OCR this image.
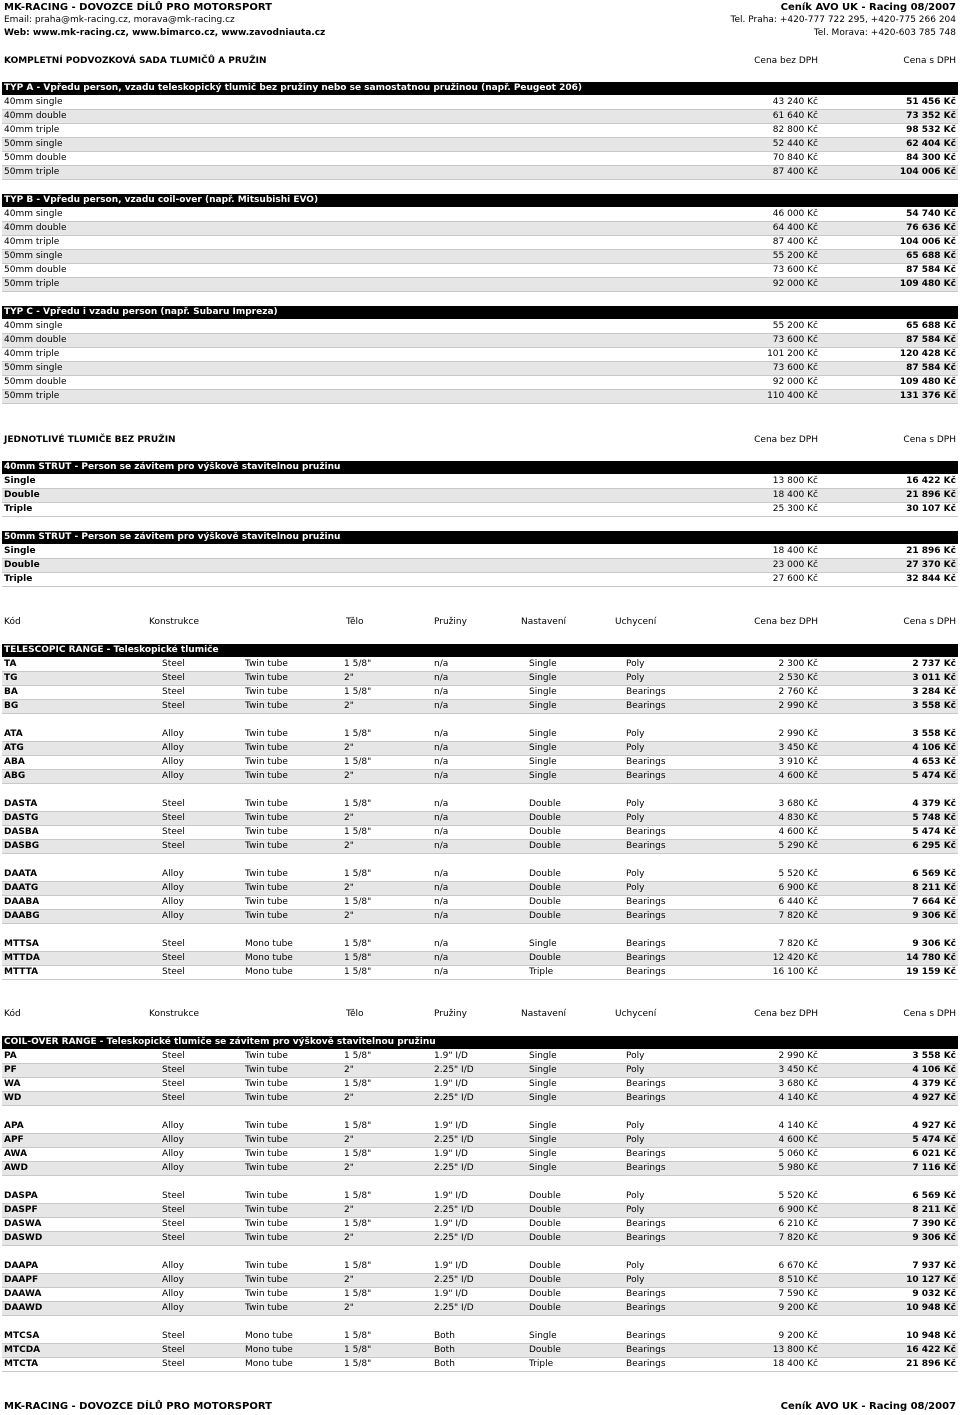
MK-RACING - DOVOZCE DÍLŮ PRO MOTORSPORT
Email: praha@mk-racing.cz, morava@mk-racing.cz
Web: www.mk-racing.cz, www.bimarco.cz, www.zavodniauta.cz
Ceník AVO UK - Racing 08/2007
Tel. Praha: +420-777 722 295, +420-775 266 204
Tel. Morava: +420-603 785 748
KOMPLETNÍ PODVOZKOVÁ SADA TLUMIČŮ A PRUŽIN	Cena bez DPH	Cena s DPH
TYP A - Vpředu person, vzadu teleskopický tlumič bez pružiny nebo se samostatnou pružinou (např. Peugeot 206)
40mm single	43 240 Kč	51 456 Kč
40mm double	61 640 Kč	73 352 Kč
40mm triple	82 800 Kč	98 532 Kč
50mm single	52 440 Kč	62 404 Kč
50mm double	70 840 Kč	84 300 Kč
50mm triple	87 400 Kč	104 006 Kč
TYP B - Vpředu person, vzadu coil-over (např. Mitsubishi EVO)
40mm single	46 000 Kč	54 740 Kč
40mm double	64 400 Kč	76 636 Kč
40mm triple	87 400 Kč	104 006 Kč
50mm single	55 200 Kč	65 688 Kč
50mm double	73 600 Kč	87 584 Kč
50mm triple	92 000 Kč	109 480 Kč
TYP C - Vpředu i vzadu person (např. Subaru Impreza)
40mm single	55 200 Kč	65 688 Kč
40mm double	73 600 Kč	87 584 Kč
40mm triple	101 200 Kč	120 428 Kč
50mm single	73 600 Kč	87 584 Kč
50mm double	92 000 Kč	109 480 Kč
50mm triple	110 400 Kč	131 376 Kč
JEDNOTLIVÉ TLUMIČE BEZ PRUŽIN	Cena bez DPH	Cena s DPH
40mm STRUT - Person se závitem pro výškově stavitelnou pružinu
Single	13 800 Kč	16 422 Kč
Double	18 400 Kč	21 896 Kč
Triple	25 300 Kč	30 107 Kč
50mm STRUT - Person se závitem pro výškově stavitelnou pružinu
Single	18 400 Kč	21 896 Kč
Double	23 000 Kč	27 370 Kč
Triple	27 600 Kč	32 844 Kč
Kód	Konstrukce	Tělo	Pružiny	Nastavení	Uchycení	Cena bez DPH	Cena s DPH
TELESCOPIC RANGE - Teleskopické tlumiče
TA	Steel	Twin tube	1 5/8"	n/a	Single	Poly	2 300 Kč	2 737 Kč
TG	Steel	Twin tube	2"	n/a	Single	Poly	2 530 Kč	3 011 Kč
BA	Steel	Twin tube	1 5/8"	n/a	Single	Bearings	2 760 Kč	3 284 Kč
BG	Steel	Twin tube	2"	n/a	Single	Bearings	2 990 Kč	3 558 Kč
ATA	Alloy	Twin tube	1 5/8"	n/a	Single	Poly	2 990 Kč	3 558 Kč
ATG	Alloy	Twin tube	2"	n/a	Single	Poly	3 450 Kč	4 106 Kč
ABA	Alloy	Twin tube	1 5/8"	n/a	Single	Bearings	3 910 Kč	4 653 Kč
ABG	Alloy	Twin tube	2"	n/a	Single	Bearings	4 600 Kč	5 474 Kč
DASTA	Steel	Twin tube	1 5/8"	n/a	Double	Poly	3 680 Kč	4 379 Kč
DASTG	Steel	Twin tube	2"	n/a	Double	Poly	4 830 Kč	5 748 Kč
DASBA	Steel	Twin tube	1 5/8"	n/a	Double	Bearings	4 600 Kč	5 474 Kč
DASBG	Steel	Twin tube	2"	n/a	Double	Bearings	5 290 Kč	6 295 Kč
DAATA	Alloy	Twin tube	1 5/8"	n/a	Double	Poly	5 520 Kč	6 569 Kč
DAATG	Alloy	Twin tube	2"	n/a	Double	Poly	6 900 Kč	8 211 Kč
DAABA	Alloy	Twin tube	1 5/8"	n/a	Double	Bearings	6 440 Kč	7 664 Kč
DAABG	Alloy	Twin tube	2"	n/a	Double	Bearings	7 820 Kč	9 306 Kč
MTTSA	Steel	Mono tube	1 5/8"	n/a	Single	Bearings	7 820 Kč	9 306 Kč
MTTDA	Steel	Mono tube	1 5/8"	n/a	Double	Bearings	12 420 Kč	14 780 Kč
MTTTA	Steel	Mono tube	1 5/8"	n/a	Triple	Bearings	16 100 Kč	19 159 Kč
Kód	Konstrukce	Tělo	Pružiny	Nastavení	Uchycení	Cena bez DPH	Cena s DPH
COIL-OVER RANGE - Teleskopické tlumiče se závitem pro výškově stavitelnou pružinu
PA	Steel	Twin tube	1 5/8"	1.9" I/D	Single	Poly	2 990 Kč	3 558 Kč
PF	Steel	Twin tube	2"	2.25" I/D	Single	Poly	3 450 Kč	4 106 Kč
WA	Steel	Twin tube	1 5/8"	1.9" I/D	Single	Bearings	3 680 Kč	4 379 Kč
WD	Steel	Twin tube	2"	2.25" I/D	Single	Bearings	4 140 Kč	4 927 Kč
APA	Alloy	Twin tube	1 5/8"	1.9" I/D	Single	Poly	4 140 Kč	4 927 Kč
APF	Alloy	Twin tube	2"	2.25" I/D	Single	Poly	4 600 Kč	5 474 Kč
AWA	Alloy	Twin tube	1 5/8"	1.9" I/D	Single	Bearings	5 060 Kč	6 021 Kč
AWD	Alloy	Twin tube	2"	2.25" I/D	Single	Bearings	5 980 Kč	7 116 Kč
DASPA	Steel	Twin tube	1 5/8"	1.9" I/D	Double	Poly	5 520 Kč	6 569 Kč
DASPF	Steel	Twin tube	2"	2.25" I/D	Double	Poly	6 900 Kč	8 211 Kč
DASWA	Steel	Twin tube	1 5/8"	1.9" I/D	Double	Bearings	6 210 Kč	7 390 Kč
DASWD	Steel	Twin tube	2"	2.25" I/D	Double	Bearings	7 820 Kč	9 306 Kč
DAAPA	Alloy	Twin tube	1 5/8"	1.9" I/D	Double	Poly	6 670 Kč	7 937 Kč
DAAPF	Alloy	Twin tube	2"	2.25" I/D	Double	Poly	8 510 Kč	10 127 Kč
DAAWA	Alloy	Twin tube	1 5/8"	1.9" I/D	Double	Bearings	7 590 Kč	9 032 Kč
DAAWD	Alloy	Twin tube	2"	2.25" I/D	Double	Bearings	9 200 Kč	10 948 Kč
MTCSA	Steel	Mono tube	1 5/8"	Both	Single	Bearings	9 200 Kč	10 948 Kč
MTCDA	Steel	Mono tube	1 5/8"	Both	Double	Bearings	13 800 Kč	16 422 Kč
MTCTA	Steel	Mono tube	1 5/8"	Both	Triple	Bearings	18 400 Kč	21 896 Kč
MK-RACING - DOVOZCE DÍLŮ PRO MOTORSPORT	Ceník AVO UK - Racing 08/2007
